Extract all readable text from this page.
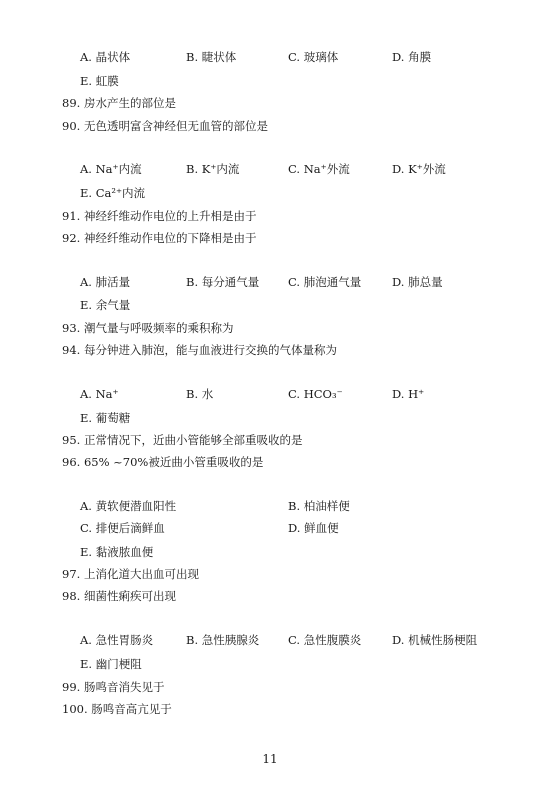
A. 晶状体	B. 睫状体	C. 玻璃体	D. 角膜
E. 虹膜
89. 房水产生的部位是
90. 无色透明富含神经但无血管的部位是
A. Na⁺内流	B. K⁺内流	C. Na⁺外流	D. K⁺外流
E. Ca²⁺内流
91. 神经纤维动作电位的上升相是由于
92. 神经纤维动作电位的下降相是由于
A. 肺活量	B. 每分通气量 C. 肺泡通气量	D. 肺总量
E. 余气量
93. 潮气量与呼吸频率的乘积称为
94. 每分钟进入肺泡，能与血液进行交换的气体量称为
A. Na⁺	B. 水	C. HCO₃⁻	D. H⁺
E. 葡萄糖
95. 正常情况下，近曲小管能够全部重吸收的是
96. 65% ~70%被近曲小管重吸收的是
A. 黄软便潜血阳性	B. 柏油样便
C. 排便后滴鲜血	D. 鲜血便
E. 黏液脓血便
97. 上消化道大出血可出现
98. 细菌性痢疾可出现
A. 急性胃肠炎	B. 急性胰腺炎 C. 急性腹膜炎	D. 机械性肠梗阻
E. 幽门梗阻
99. 肠鸣音消失见于
100. 肠鸣音高亢见于
11
